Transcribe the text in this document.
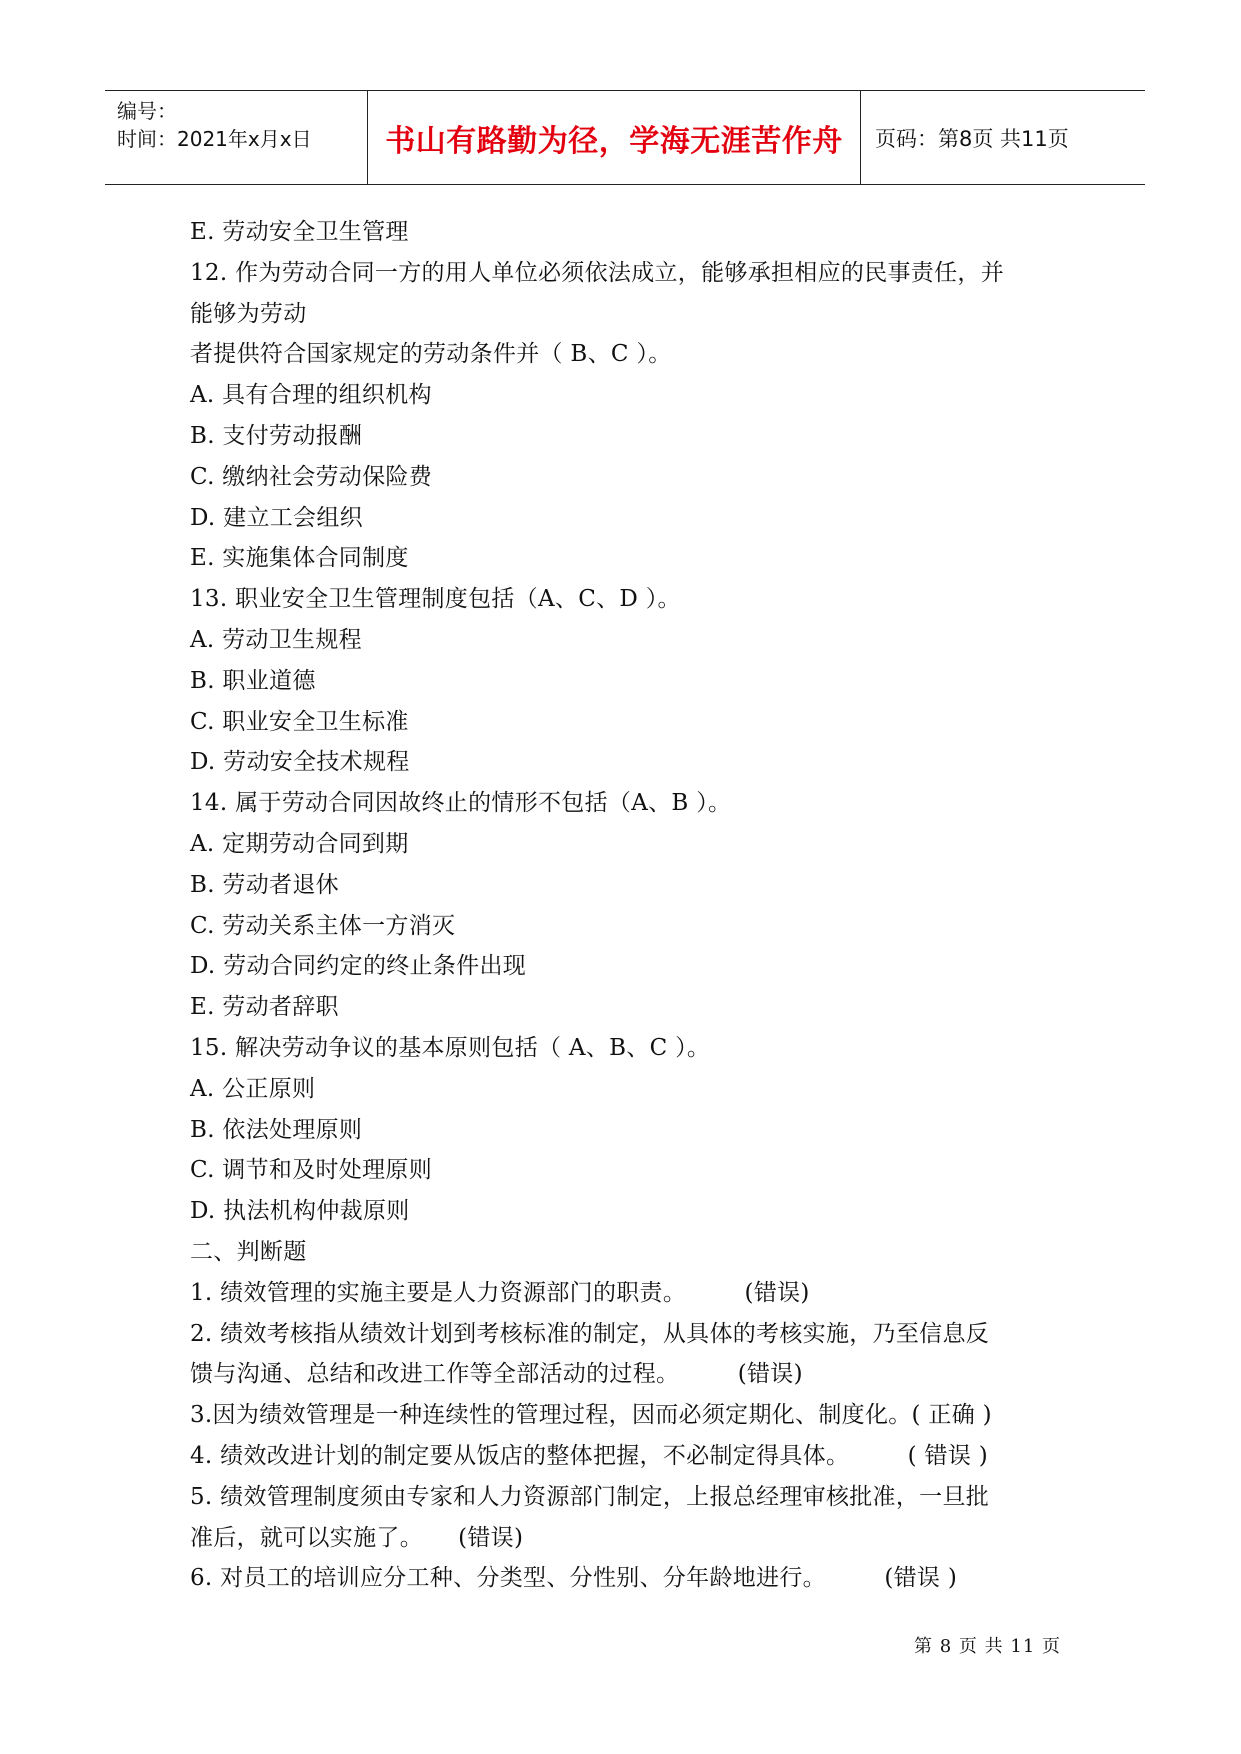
编号：
时间：2021年x月x日 书山有路勤为径，学海无涯苦作舟 页码：第8页 共11页
E. 劳动安全卫生管理
12. 作为劳动合同一方的用人单位必须依法成立，能够承担相应的民事责任，并
能够为劳动
者提供符合国家规定的劳动条件并（ B、C ）。
A. 具有合理的组织机构
B. 支付劳动报酬
C. 缴纳社会劳动保险费
D. 建立工会组织
E. 实施集体合同制度
13. 职业安全卫生管理制度包括（A、C、D ）。
A. 劳动卫生规程
B. 职业道德
C. 职业安全卫生标准
D. 劳动安全技术规程
14. 属于劳动合同因故终止的情形不包括（A、B ）。
A. 定期劳动合同到期
B. 劳动者退休
C. 劳动关系主体一方消灭
D. 劳动合同约定的终止条件出现
E. 劳动者辞职
15. 解决劳动争议的基本原则包括（ A、B、C ）。
A. 公正原则
B. 依法处理原则
C. 调节和及时处理原则
D. 执法机构仲裁原则
二、判断题
1. 绩效管理的实施主要是人力资源部门的职责。　　　(错误)
2. 绩效考核指从绩效计划到考核标准的制定，从具体的考核实施，乃至信息反
馈与沟通、总结和改进工作等全部活动的过程。　　　(错误)
3.因为绩效管理是一种连续性的管理过程，因而必须定期化、制度化。( 正确 )
4. 绩效改进计划的制定要从饭店的整体把握，不必制定得具体。　　　( 错误 )
5. 绩效管理制度须由专家和人力资源部门制定，上报总经理审核批准，一旦批
准后，就可以实施了。　　(错误)
6. 对员工的培训应分工种、分类型、分性别、分年龄地进行。　　　(错误 )
第 8 页 共 11 页
